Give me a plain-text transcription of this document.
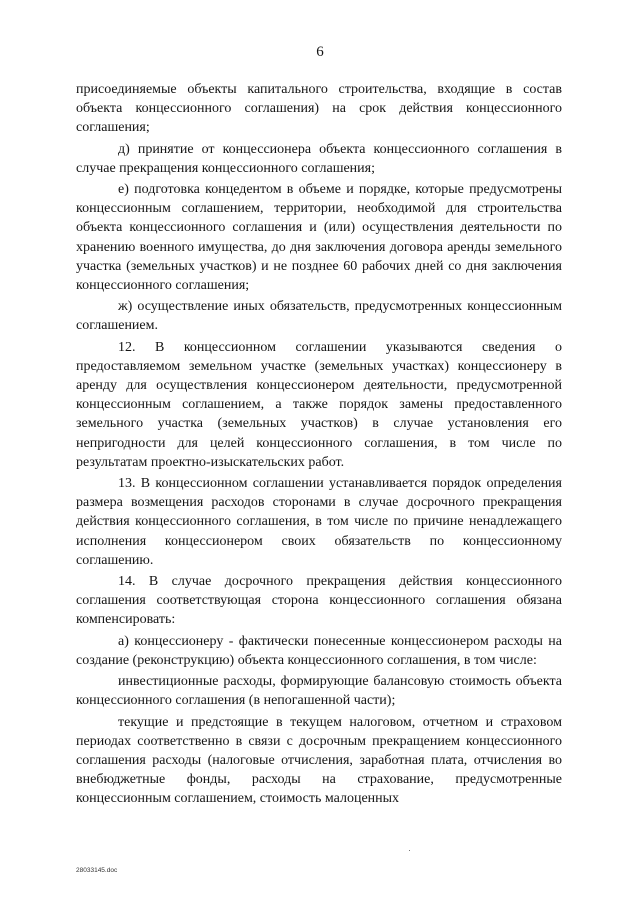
6

присоединяемые объекты капитального строительства, входящие в состав объекта концессионного соглашения) на срок действия концессионного соглашения;

д) принятие от концессионера объекта концессионного соглашения в случае прекращения концессионного соглашения;

е) подготовка концедентом в объеме и порядке, которые предусмотрены концессионным соглашением, территории, необходимой для строительства объекта концессионного соглашения и (или) осуществления деятельности по хранению военного имущества, до дня заключения договора аренды земельного участка (земельных участков) и не позднее 60 рабочих дней со дня заключения концессионного соглашения;

ж) осуществление иных обязательств, предусмотренных концессионным соглашением.

12. В концессионном соглашении указываются сведения о предоставляемом земельном участке (земельных участках) концессионеру в аренду для осуществления концессионером деятельности, предусмотренной концессионным соглашением, а также порядок замены предоставленного земельного участка (земельных участков) в случае установления его непригодности для целей концессионного соглашения, в том числе по результатам проектно-изыскательских работ.

13. В концессионном соглашении устанавливается порядок определения размера возмещения расходов сторонами в случае досрочного прекращения действия концессионного соглашения, в том числе по причине ненадлежащего исполнения концессионером своих обязательств по концессионному соглашению.

14. В случае досрочного прекращения действия концессионного соглашения соответствующая сторона концессионного соглашения обязана компенсировать:

а) концессионеру - фактически понесенные концессионером расходы на создание (реконструкцию) объекта концессионного соглашения, в том числе:

инвестиционные расходы, формирующие балансовую стоимость объекта концессионного соглашения (в непогашенной части);

текущие и предстоящие в текущем налоговом, отчетном и страховом периодах соответственно в связи с досрочным прекращением концессионного соглашения расходы (налоговые отчисления, заработная плата, отчисления во внебюджетные фонды, расходы на страхование, предусмотренные концессионным соглашением, стоимость малоценных

28033145.doc
